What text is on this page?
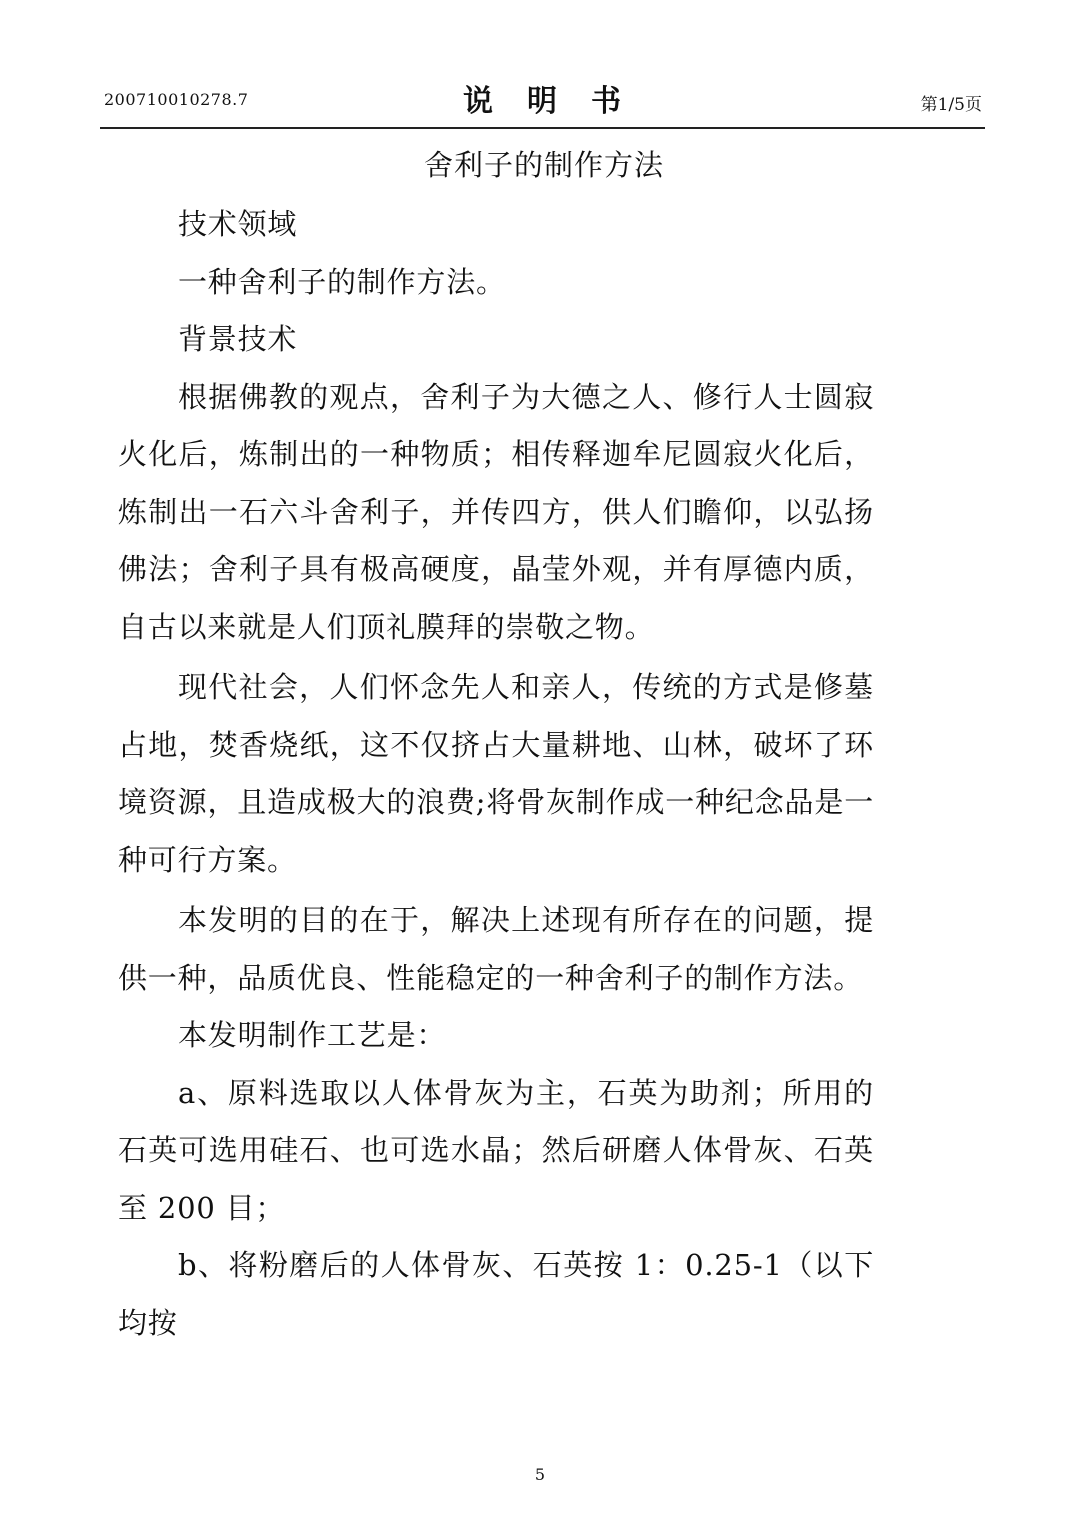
200710010278.7	说明书	第1/5页
舍利子的制作方法

技术领域

一种舍利子的制作方法。

背景技术

根据佛教的观点，舍利子为大德之人、修行人士圆寂火化后，炼制出的一种物质；相传释迦牟尼圆寂火化后，炼制出一石六斗舍利子，并传四方，供人们瞻仰，以弘扬佛法；舍利子具有极高硬度，晶莹外观，并有厚德内质，自古以来就是人们顶礼膜拜的崇敬之物。

现代社会，人们怀念先人和亲人，传统的方式是修墓占地，焚香烧纸，这不仅挤占大量耕地、山林，破坏了环境资源，且造成极大的浪费;将骨灰制作成一种纪念品是一种可行方案。

本发明的目的在于，解决上述现有所存在的问题，提供一种，品质优良、性能稳定的一种舍利子的制作方法。

本发明制作工艺是：

a、原料选取以人体骨灰为主，石英为助剂；所用的石英可选用硅石、也可选水晶；然后研磨人体骨灰、石英至 200 目；

b、将粉磨后的人体骨灰、石英按 1：0.25-1（以下均按

5
